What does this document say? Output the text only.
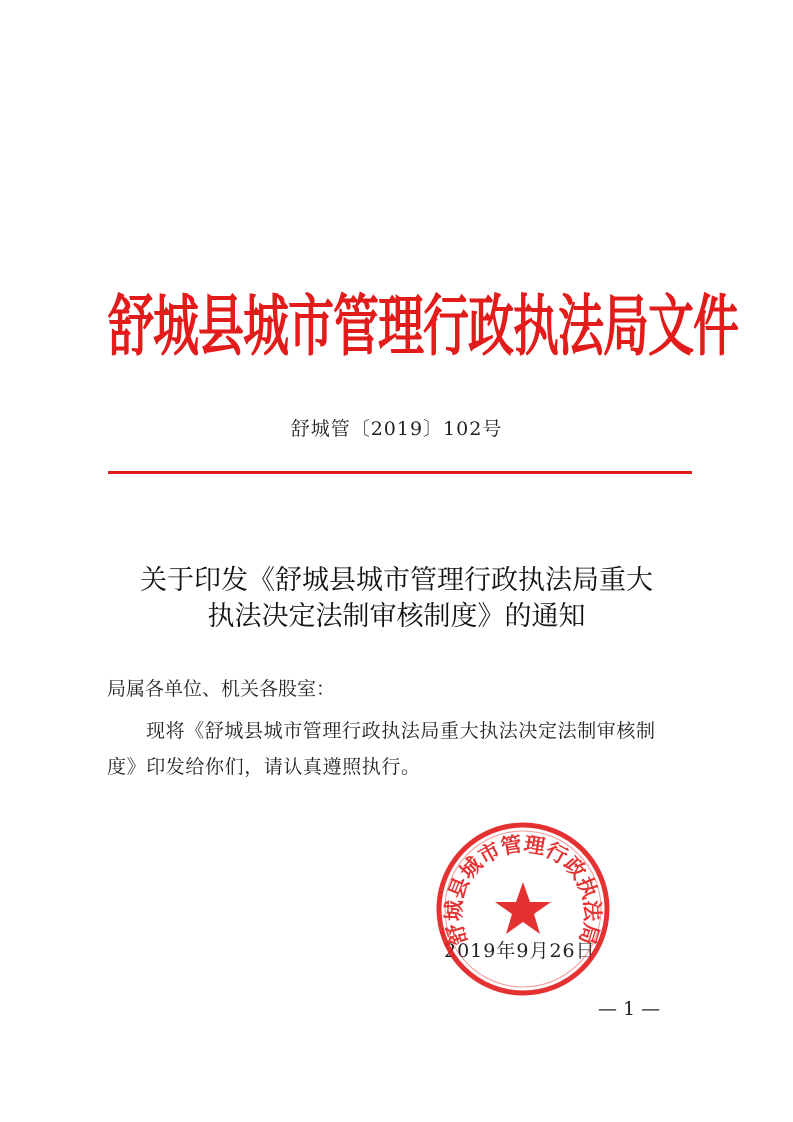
舒城县城市管理行政执法局文件
舒城管〔2019〕102号
关于印发《舒城县城市管理行政执法局重大
执法决定法制审核制度》的通知
局属各单位、机关各股室：
现将《舒城县城市管理行政执法局重大执法决定法制审核制
度》印发给你们，请认真遵照执行。
2019年9月26日
舒城县城市管理行政执法局
— 1 —
